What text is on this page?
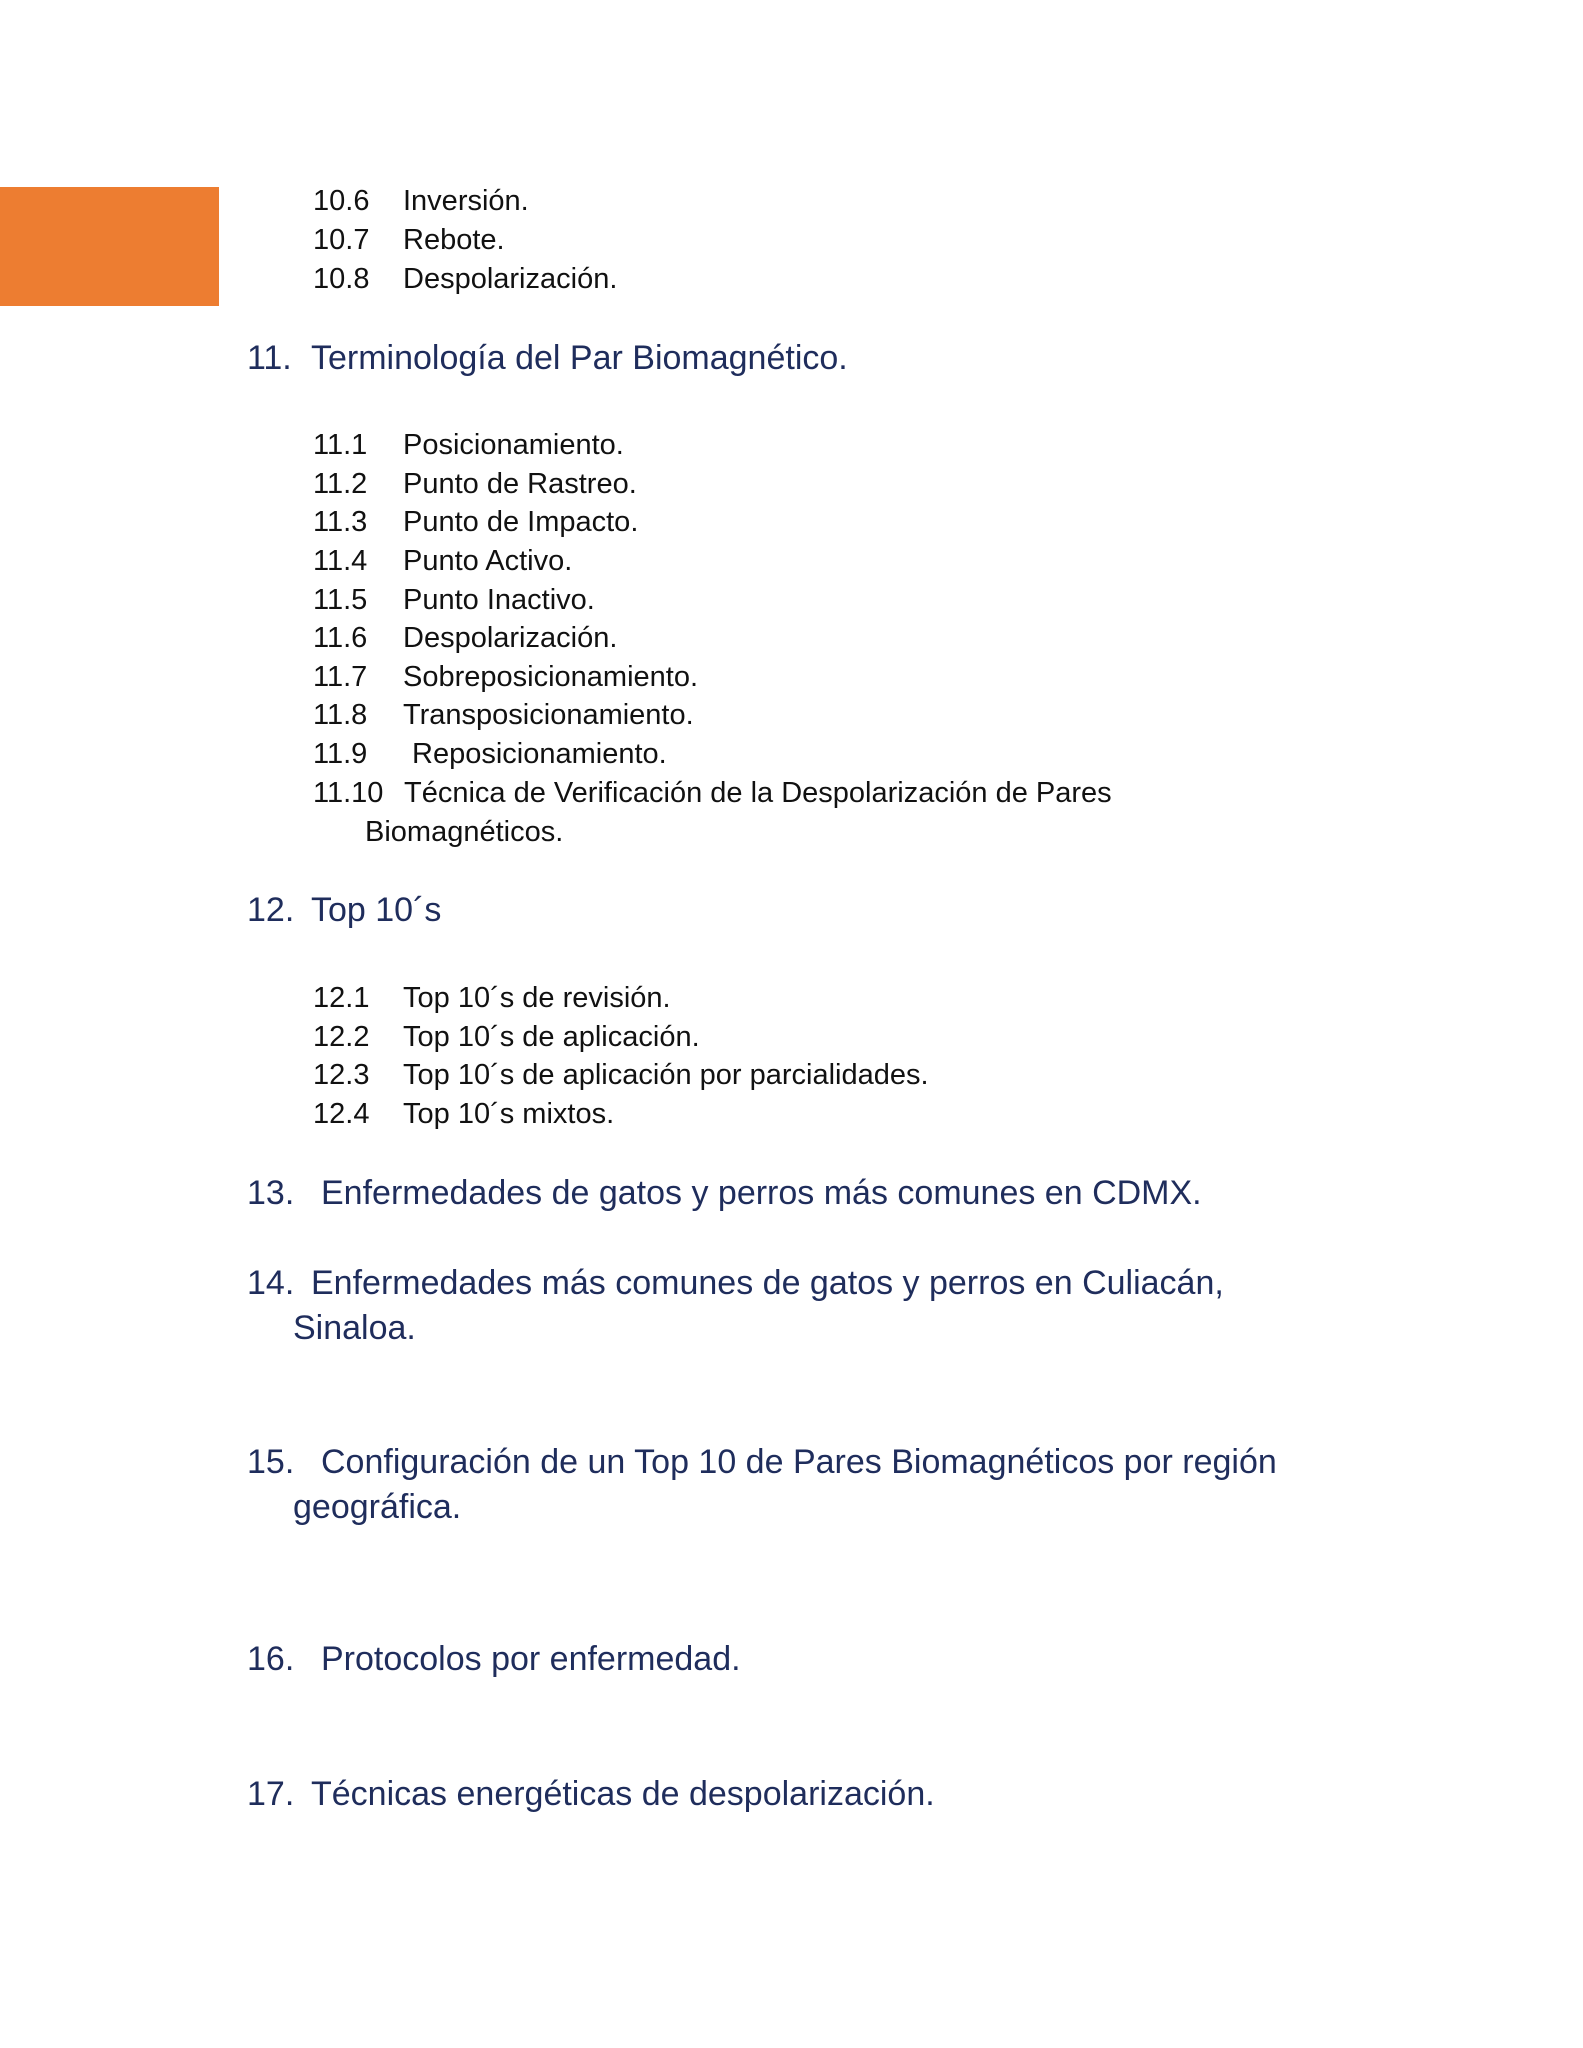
10.6 Inversión.
10.7 Rebote.
10.8 Despolarización.
11. Terminología del Par Biomagnético.
11.1 Posicionamiento.
11.2 Punto de Rastreo.
11.3 Punto de Impacto.
11.4 Punto Activo.
11.5 Punto Inactivo.
11.6 Despolarización.
11.7 Sobreposicionamiento.
11.8 Transposicionamiento.
11.9 Reposicionamiento.
11.10 Técnica de Verificación de la Despolarización de Pares
Biomagnéticos.
12. Top 10´s
12.1 Top 10´s de revisión.
12.2 Top 10´s de aplicación.
12.3 Top 10´s de aplicación por parcialidades.
12.4 Top 10´s mixtos.
13. Enfermedades de gatos y perros más comunes en CDMX.
14. Enfermedades más comunes de gatos y perros en Culiacán,
Sinaloa.
15. Configuración de un Top 10 de Pares Biomagnéticos por región
geográfica.
16. Protocolos por enfermedad.
17. Técnicas energéticas de despolarización.
